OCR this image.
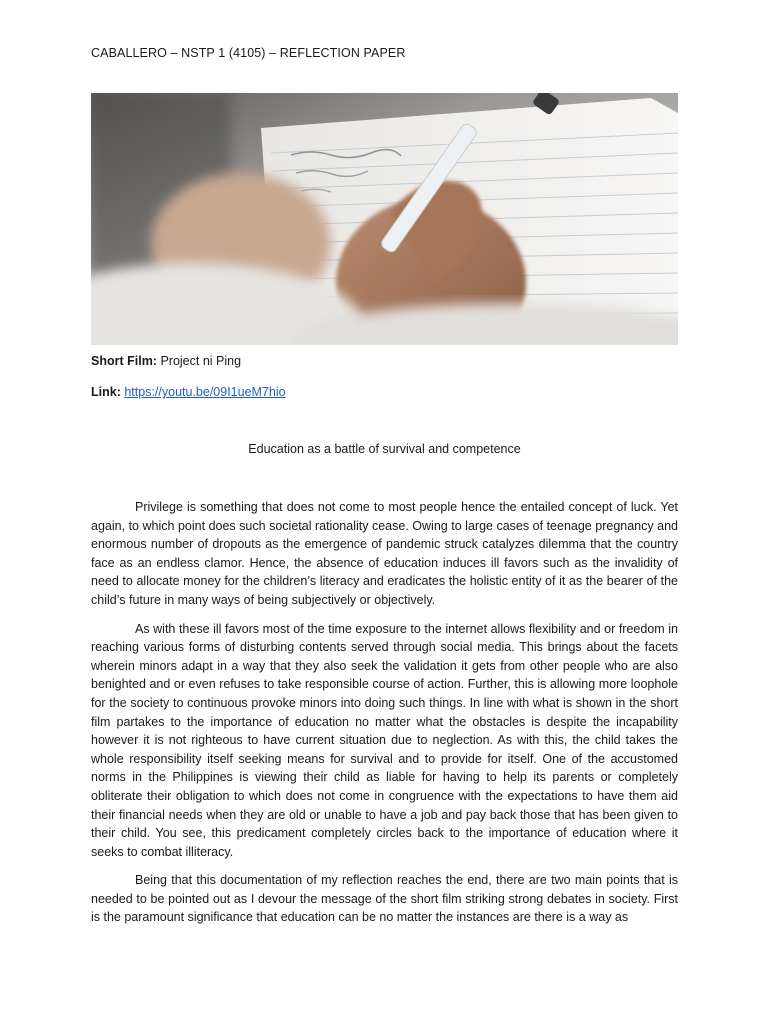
CABALLERO – NSTP 1 (4105) – REFLECTION PAPER
Short Film: Project ni Ping
Link: https://youtu.be/09I1ueM7hio
Education as a battle of survival and competence

Privilege is something that does not come to most people hence the entailed concept of luck. Yet again, to which point does such societal rationality cease. Owing to large cases of teenage pregnancy and enormous number of dropouts as the emergence of pandemic struck catalyzes dilemma that the country face as an endless clamor. Hence, the absence of education induces ill favors such as the invalidity of need to allocate money for the children’s literacy and eradicates the holistic entity of it as the bearer of the child’s future in many ways of being subjectively or objectively.

As with these ill favors most of the time exposure to the internet allows flexibility and or freedom in reaching various forms of disturbing contents served through social media. This brings about the facets wherein minors adapt in a way that they also seek the validation it gets from other people who are also benighted and or even refuses to take responsible course of action. Further, this is allowing more loophole for the society to continuous provoke minors into doing such things. In line with what is shown in the short film partakes to the importance of education no matter what the obstacles is despite the incapability however it is not righteous to have current situation due to neglection. As with this, the child takes the whole responsibility itself seeking means for survival and to provide for itself. One of the accustomed norms in the Philippines is viewing their child as liable for having to help its parents or completely obliterate their obligation to which does not come in congruence with the expectations to have them aid their financial needs when they are old or unable to have a job and pay back those that has been given to their child. You see, this predicament completely circles back to the importance of education where it seeks to combat illiteracy.

Being that this documentation of my reflection reaches the end, there are two main points that is needed to be pointed out as I devour the message of the short film striking strong debates in society. First is the paramount significance that education can be no matter the instances are there is a way as
